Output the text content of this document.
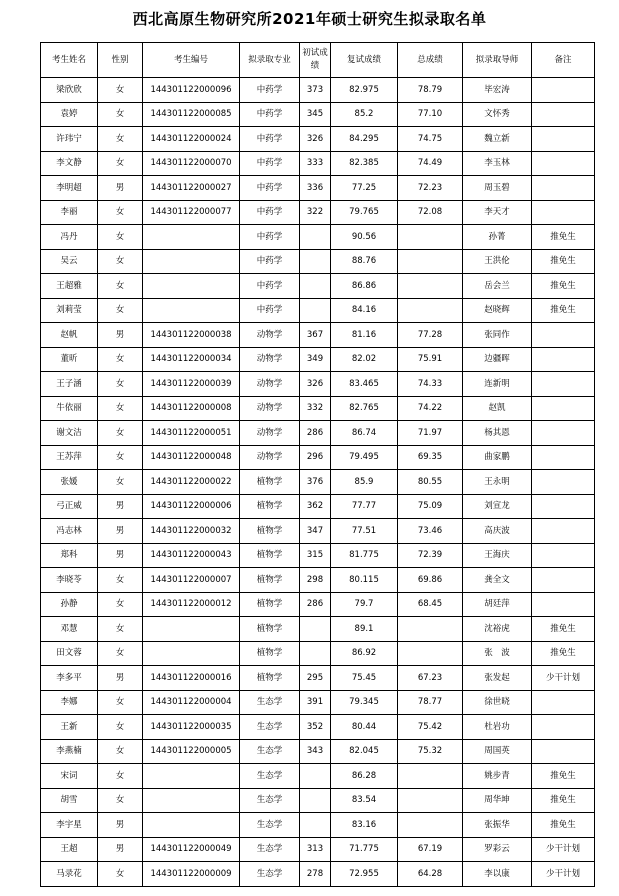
西北高原生物研究所2021年硕士研究生拟录取名单
考生姓名	性别	考生编号	拟录取专业	初试成绩	复试成绩	总成绩	拟录取导师	备注
梁欣欣	女	144301122000096	中药学	373	82.975	78.79	毕宏涛	
袁婷	女	144301122000085	中药学	345	85.2	77.10	文怀秀	
许玮宁	女	144301122000024	中药学	326	84.295	74.75	魏立新	
李文静	女	144301122000070	中药学	333	82.385	74.49	李玉林	
李明超	男	144301122000027	中药学	336	77.25	72.23	周玉碧	
李丽	女	144301122000077	中药学	322	79.765	72.08	李天才	
冯丹	女		中药学		90.56		孙菁	推免生
吴云	女		中药学		88.76		王洪伦	推免生
王超雅	女		中药学		86.86		岳会兰	推免生
刘莉莹	女		中药学		84.16		赵晓辉	推免生
赵帆	男	144301122000038	动物学	367	81.16	77.28	张同作	
董昕	女	144301122000034	动物学	349	82.02	75.91	边疆晖	
王子涵	女	144301122000039	动物学	326	83.465	74.33	连新明	
牛依丽	女	144301122000008	动物学	332	82.765	74.22	赵凯	
谢文洁	女	144301122000051	动物学	286	86.74	71.97	杨其恩	
王苏萍	女	144301122000048	动物学	296	79.495	69.35	曲家鹏	
张媛	女	144301122000022	植物学	376	85.9	80.55	王永明	
弓正威	男	144301122000006	植物学	362	77.77	75.09	刘宣龙	
冯志林	男	144301122000032	植物学	347	77.51	73.46	高庆波	
郑科	男	144301122000043	植物学	315	81.775	72.39	王海庆	
李晓苓	女	144301122000007	植物学	298	80.115	69.86	龚全文	
孙静	女	144301122000012	植物学	286	79.7	68.45	胡廷萍	
邓慧	女		植物学		89.1		沈裕虎	推免生
田文蓉	女		植物学		86.92		张　波	推免生
李多平	男	144301122000016	植物学	295	75.45	67.23	张发起	少干计划
李娜	女	144301122000004	生态学	391	79.345	78.77	徐世晓	
王新	女	144301122000035	生态学	352	80.44	75.42	杜岩功	
李燕楠	女	144301122000005	生态学	343	82.045	75.32	周国英	
宋词	女		生态学		86.28		姚步青	推免生
胡雪	女		生态学		83.54		周华坤	推免生
李宇星	男		生态学		83.16		张振华	推免生
王超	男	144301122000049	生态学	313	71.775	67.19	罗彩云	少干计划
马录花	女	144301122000009	生态学	278	72.955	64.28	李以康	少干计划
